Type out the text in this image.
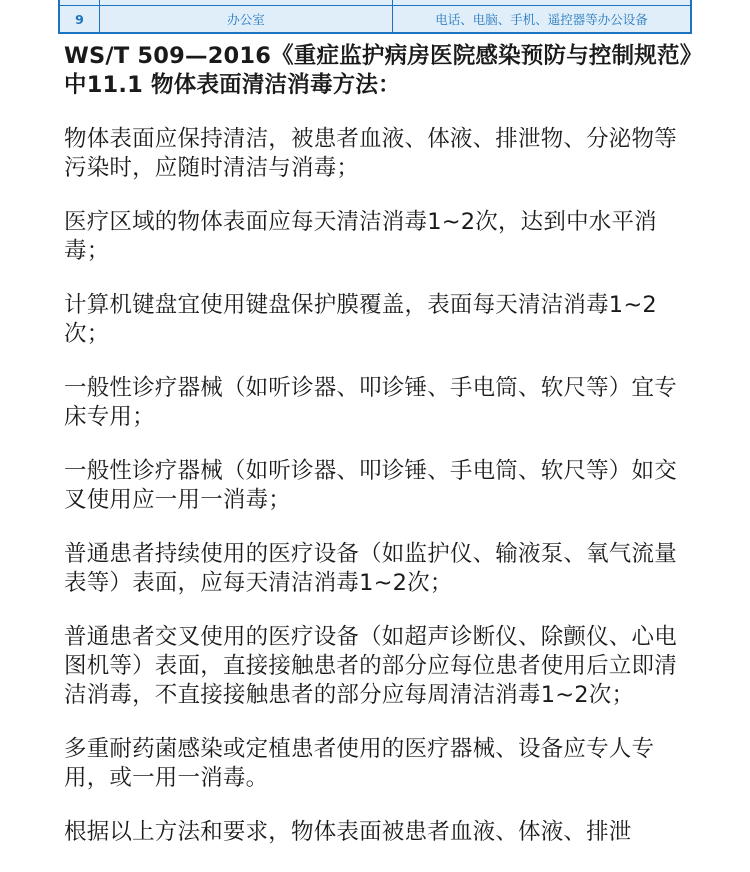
9	办公室	电话、电脑、手机、遥控器等办公设备

WS/T 509—2016《重症监护病房医院感染预防与控制规范》中11.1 物体表面清洁消毒方法：

物体表面应保持清洁，被患者血液、体液、排泄物、分泌物等污染时，应随时清洁与消毒；

医疗区域的物体表面应每天清洁消毒1~2次，达到中水平消毒；

计算机键盘宜使用键盘保护膜覆盖，表面每天清洁消毒1~2次；

一般性诊疗器械（如听诊器、叩诊锤、手电筒、软尺等）宜专床专用；

一般性诊疗器械（如听诊器、叩诊锤、手电筒、软尺等）如交叉使用应一用一消毒；

普通患者持续使用的医疗设备（如监护仪、输液泵、氧气流量表等）表面，应每天清洁消毒1~2次；

普通患者交叉使用的医疗设备（如超声诊断仪、除颤仪、心电图机等）表面，直接接触患者的部分应每位患者使用后立即清洁消毒，不直接接触患者的部分应每周清洁消毒1~2次；

多重耐药菌感染或定植患者使用的医疗器械、设备应专人专用，或一用一消毒。

根据以上方法和要求，物体表面被患者血液、体液、排泄
